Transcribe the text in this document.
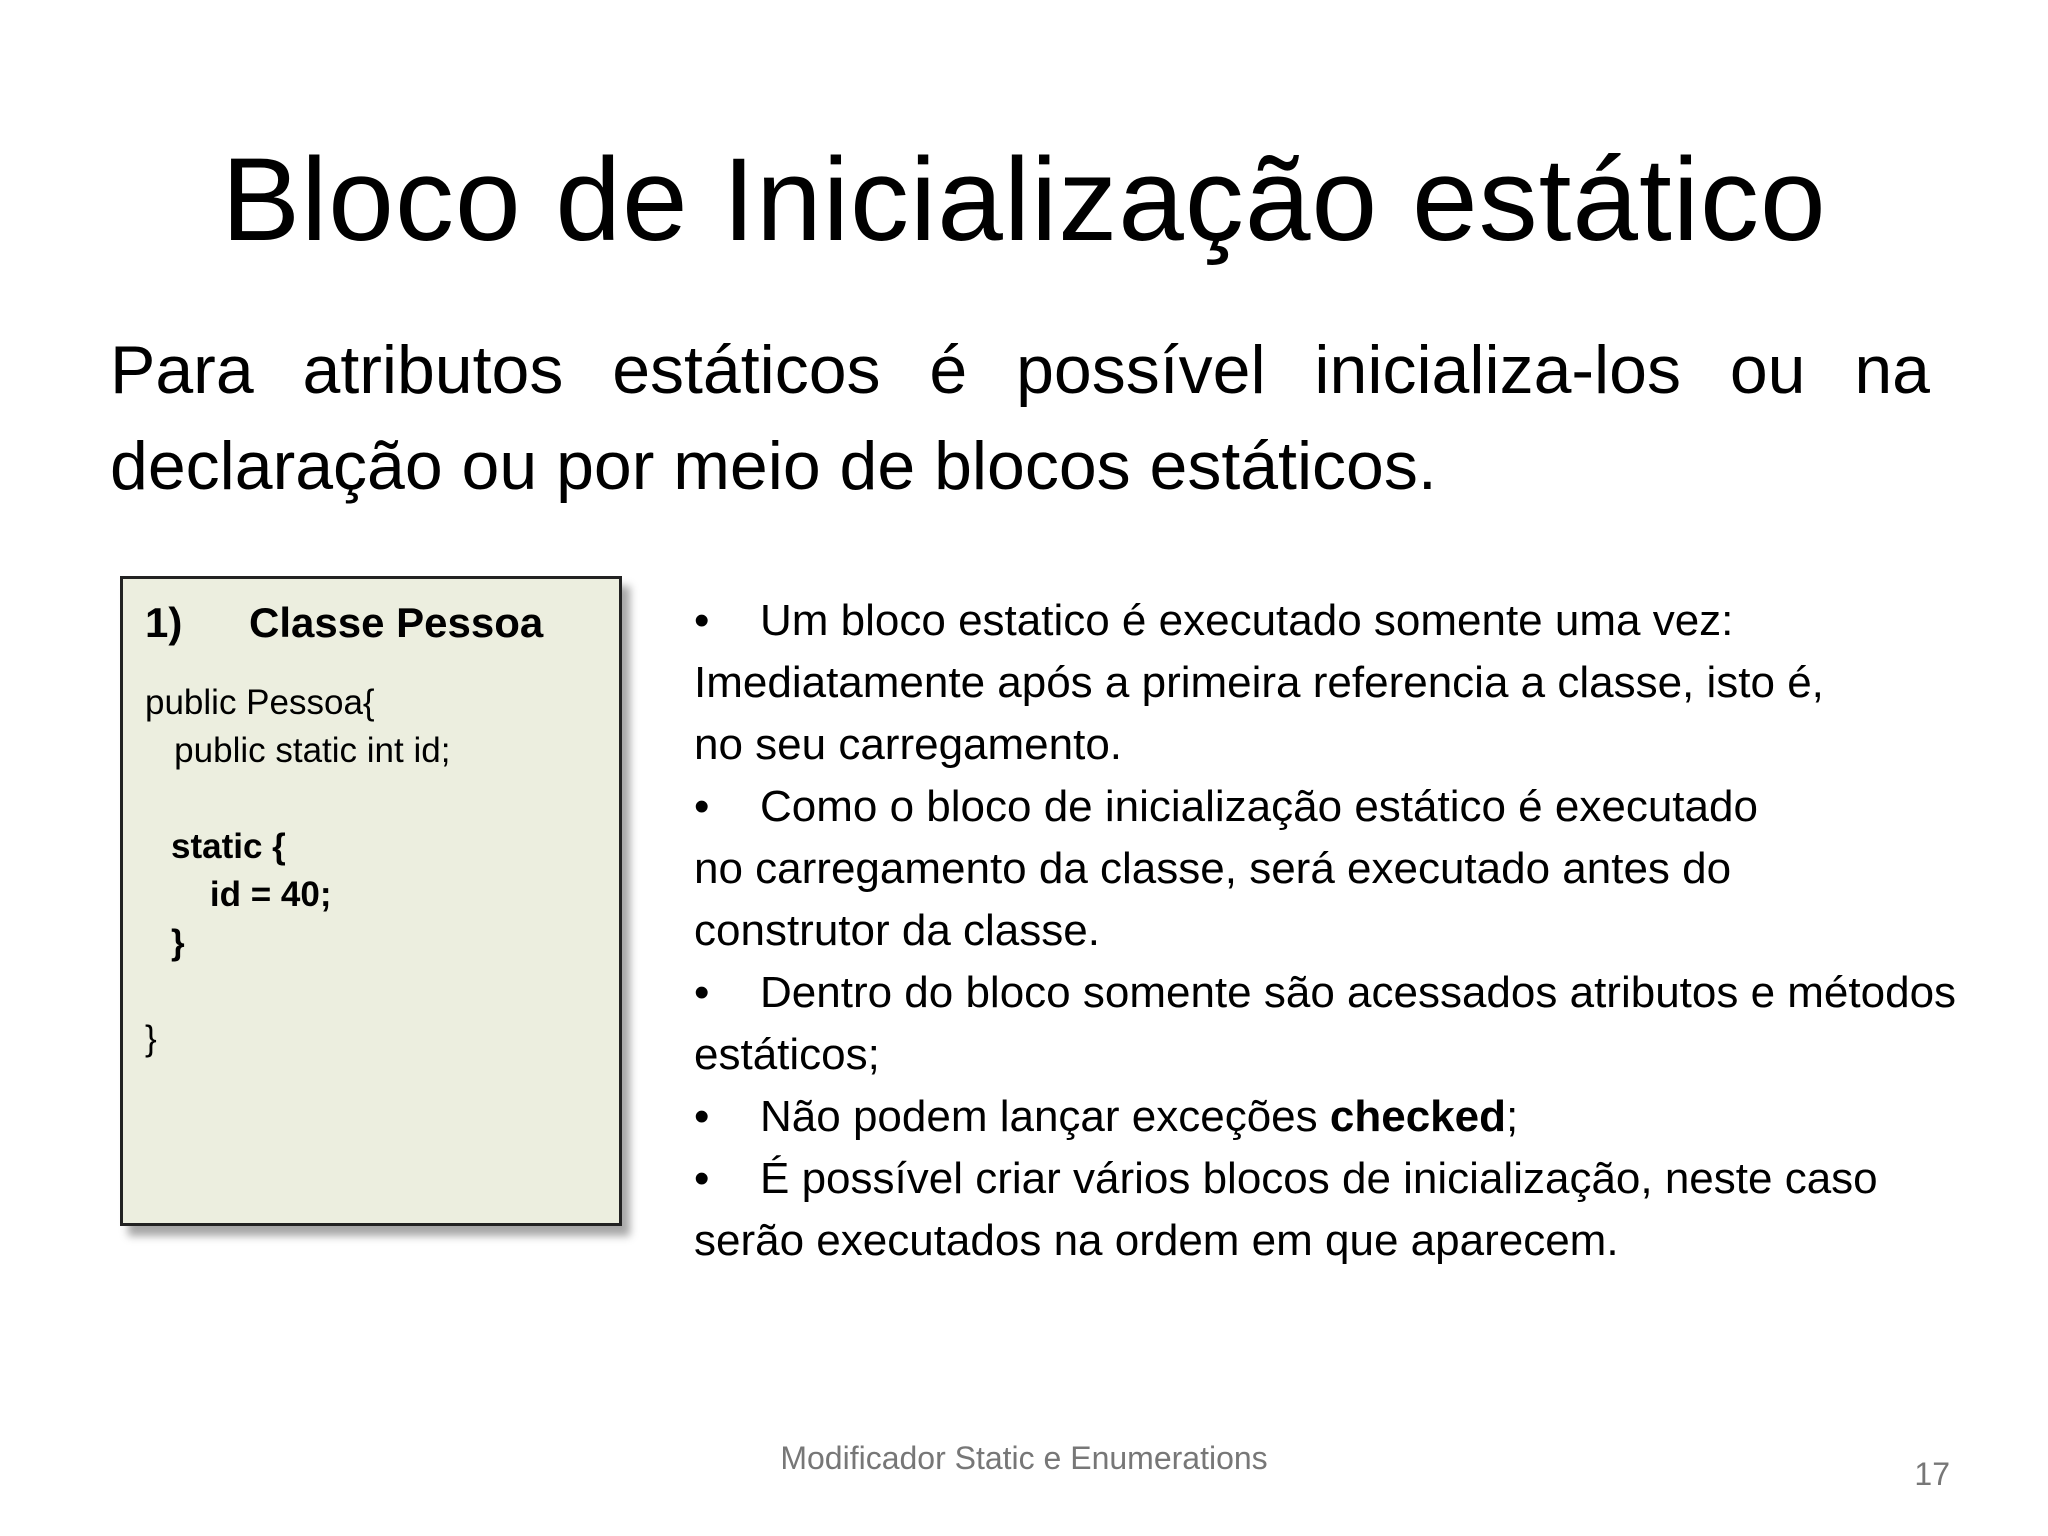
Bloco de Inicialização estático
Para atributos estáticos é possível inicializa-los ou na
declaração ou por meio de blocos estáticos.
1) Classe Pessoa
public Pessoa{
public static int id;
static {
id = 40;
}
}
• Um bloco estatico é executado somente uma vez:
Imediatamente após a primeira referencia a classe, isto é,
no seu carregamento.
• Como o bloco de inicialização estático é executado
no carregamento da classe, será executado antes do
construtor da classe.
• Dentro do bloco somente são acessados atributos e métodos
estáticos;
• Não podem lançar exceções checked;
• É possível criar vários blocos de inicialização, neste caso
serão executados na ordem em que aparecem.
Modificador Static e Enumerations	17
